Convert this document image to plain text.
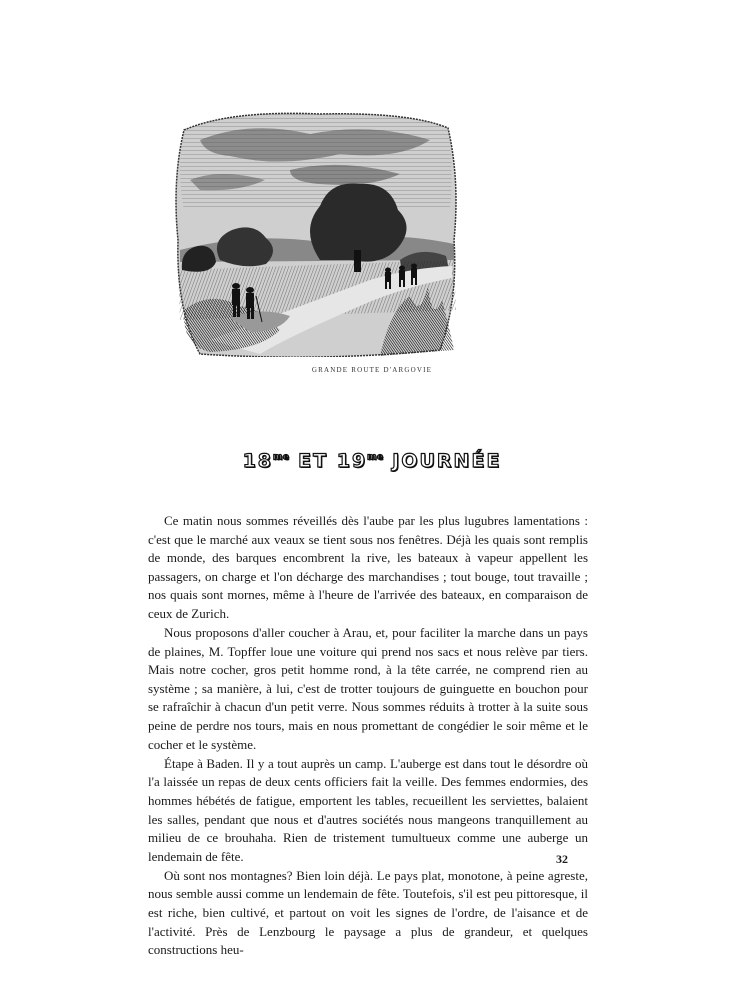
GRANDE ROUTE D'ARGOVIE
$18^{me}$ ET $19^{me}$ JOURNÉE

Ce matin nous sommes réveillés dès l'aube par les plus lugubres lamentations : c'est que le marché aux veaux se tient sous nos fenêtres. Déjà les quais sont remplis de monde, des barques encombrent la rive, les bateaux à vapeur appellent les passagers, on charge et l'on décharge des marchandises ; tout bouge, tout travaille ; nos quais sont mornes, même à l'heure de l'arrivée des bateaux, en comparaison de ceux de Zurich.

Nous proposons d'aller coucher à Arau, et, pour faciliter la marche dans un pays de plaines, M. Topffer loue une voiture qui prend nos sacs et nous relève par tiers. Mais notre cocher, gros petit homme rond, à la tête carrée, ne comprend rien au système ; sa manière, à lui, c'est de trotter toujours de guinguette en bouchon pour se rafraîchir à chacun d'un petit verre. Nous sommes réduits à trotter à la suite sous peine de perdre nos tours, mais en nous promettant de congédier le soir même et le cocher et le système.

Étape à Baden. Il y a tout auprès un camp. L'auberge est dans tout le désordre où l'a laissée un repas de deux cents officiers fait la veille. Des femmes endormies, des hommes hébétés de fatigue, emportent les tables, recueillent les serviettes, balaient les salles, pendant que nous et d'autres sociétés nous mangeons tranquillement au milieu de ce brouhaha. Rien de tristement tumultueux comme une auberge un lendemain de fête.

Où sont nos montagnes? Bien loin déjà. Le pays plat, monotone, à peine agreste, nous semble aussi comme un lendemain de fête. Toutefois, s'il est peu pittoresque, il est riche, bien cultivé, et partout on voit les signes de l'ordre, de l'aisance et de l'activité. Près de Lenzbourg le paysage a plus de grandeur, et quelques constructions heu-

32
